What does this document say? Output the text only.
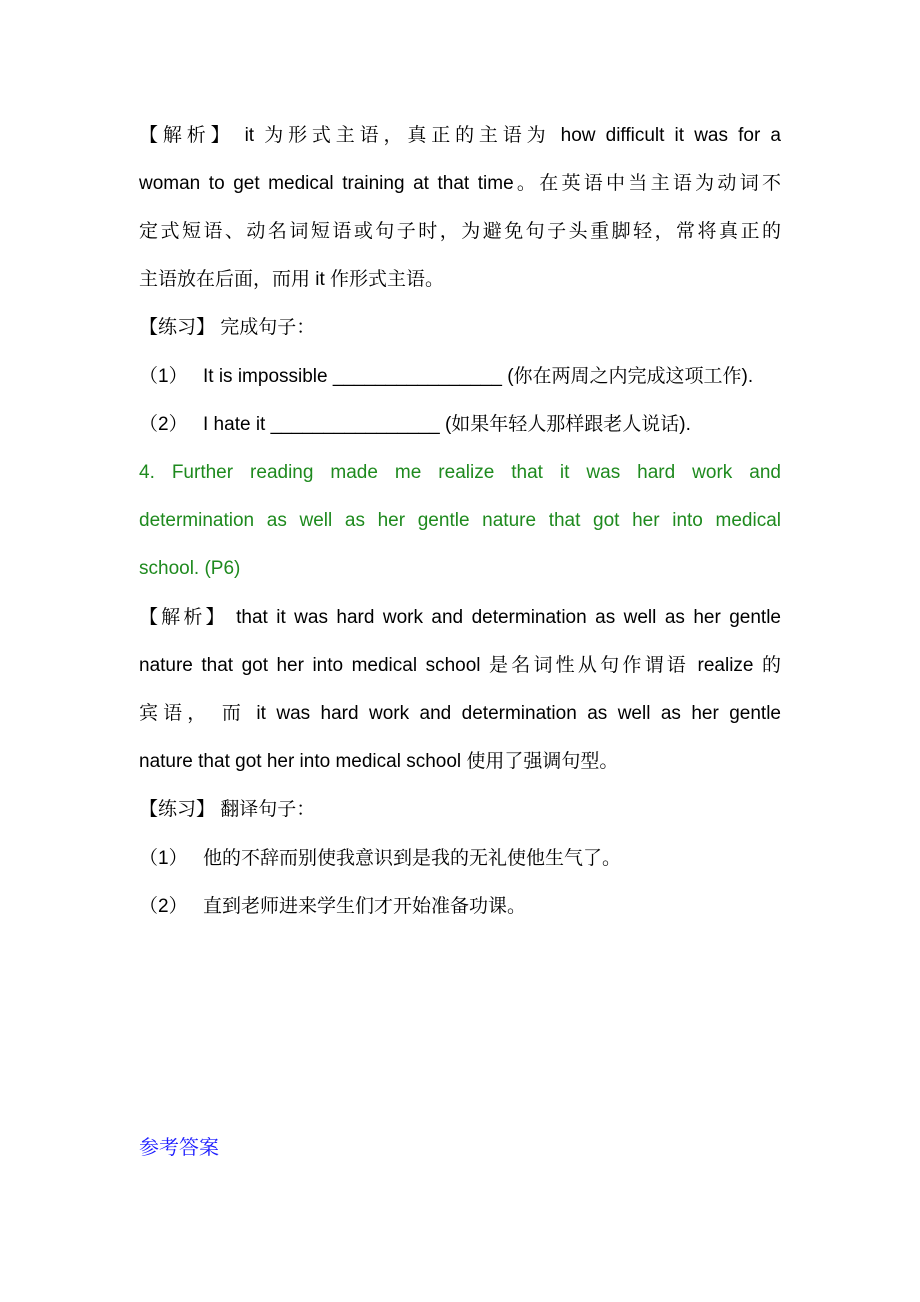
【解析】 it 为形式主语，真正的主语为 how difficult it was for a
woman to get medical training at that time。在英语中当主语为动词不
定式短语、动名词短语或句子时，为避免句子头重脚轻，常将真正的
主语放在后面，而用 it 作形式主语。
【练习】 完成句子：
（1） It is impossible ________________ (你在两周之内完成这项工作).
（2） I hate it ________________ (如果年轻人那样跟老人说话).
4. Further reading made me realize that it was hard work and
determination as well as her gentle nature that got her into medical
school. (P6)
【解析】 that it was hard work and determination as well as her gentle
nature that got her into medical school 是名词性从句作谓语 realize 的
宾语， 而 it was hard work and determination as well as her gentle
nature that got her into medical school 使用了强调句型。
【练习】 翻译句子：
（1） 他的不辞而别使我意识到是我的无礼使他生气了。
（2） 直到老师进来学生们才开始准备功课。
参考答案
